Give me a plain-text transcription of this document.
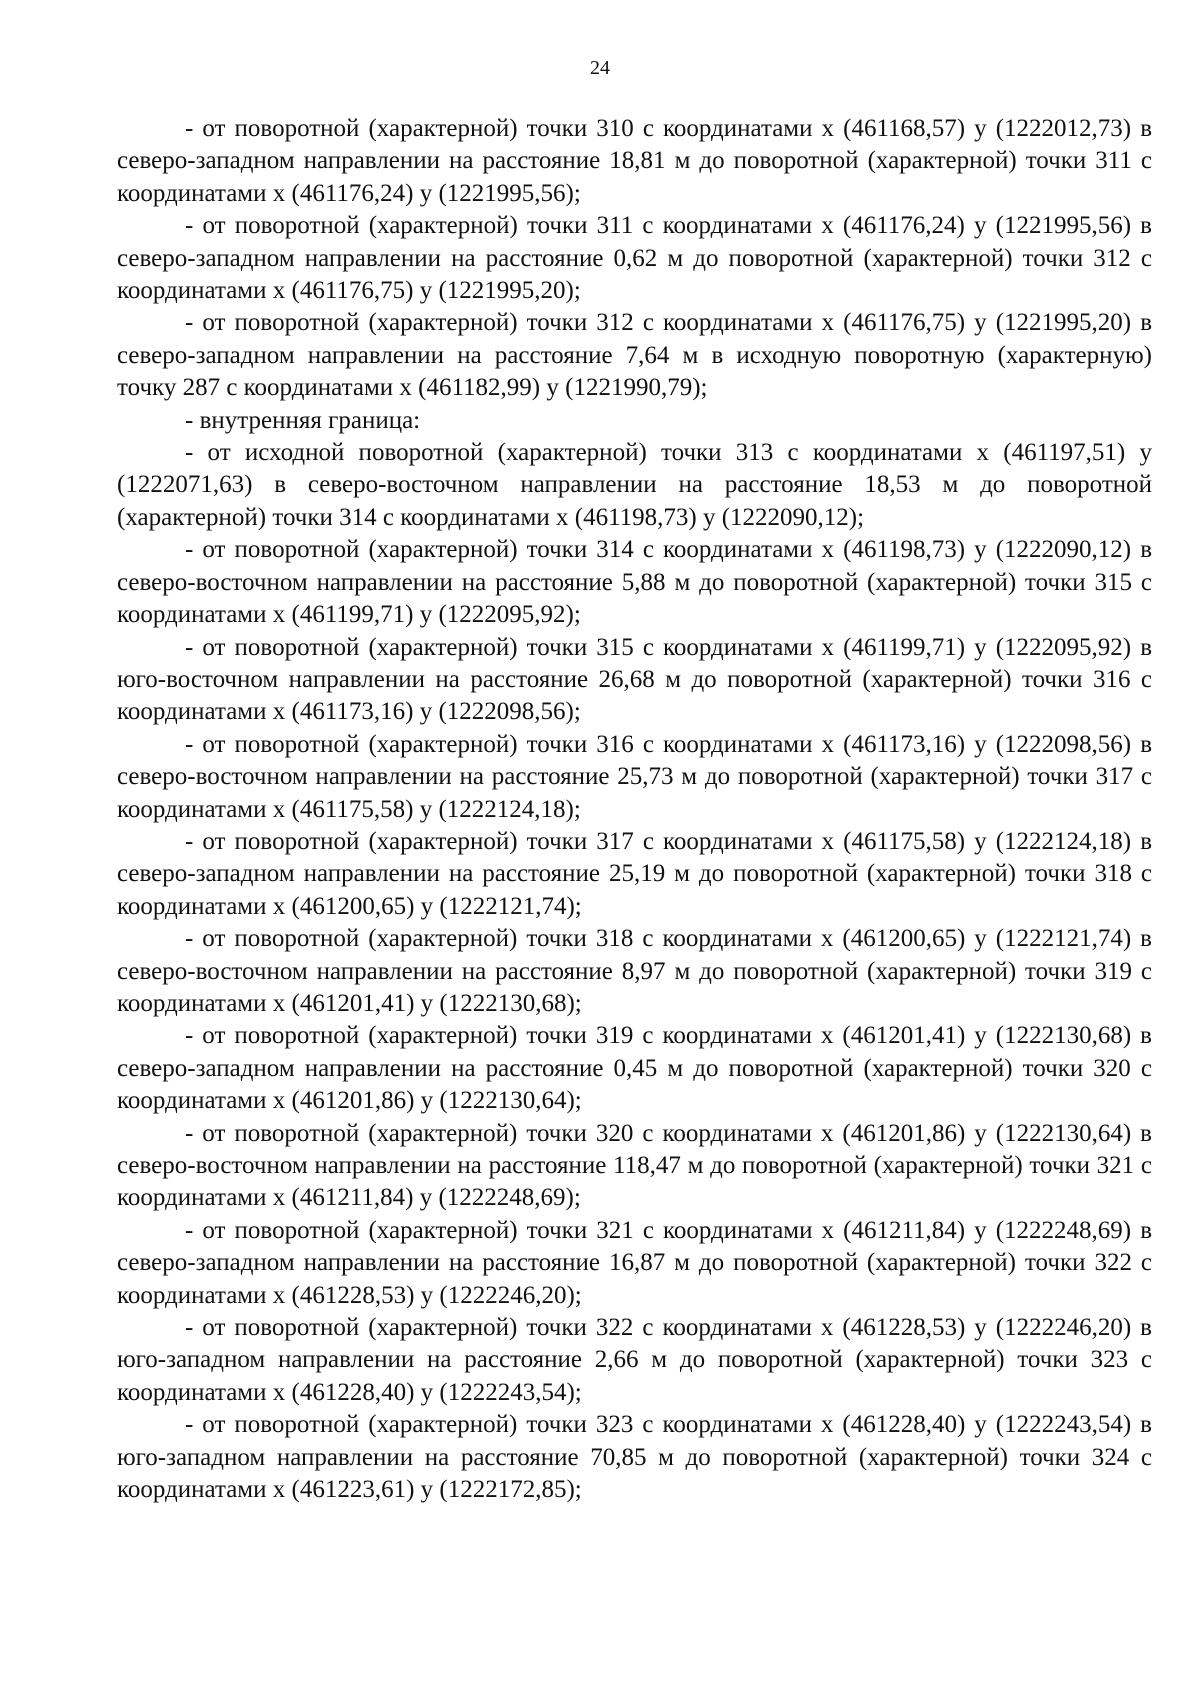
24

- от поворотной (характерной) точки 310 с координатами х (461168,57) у (1222012,73) в северо-западном направлении на расстояние 18,81 м до поворотной (характерной) точки 311 с координатами х (461176,24) у (1221995,56);

- от поворотной (характерной) точки 311 с координатами х (461176,24) у (1221995,56) в северо-западном направлении на расстояние 0,62 м до поворотной (характерной) точки 312 с координатами х (461176,75) у (1221995,20);

- от поворотной (характерной) точки 312 с координатами х (461176,75) у (1221995,20) в северо-западном направлении на расстояние 7,64 м в исходную поворотную (характерную) точку 287 с координатами х (461182,99) у (1221990,79);

- внутренняя граница:

- от исходной поворотной (характерной) точки 313 с координатами х (461197,51) у (1222071,63) в северо-восточном направлении на расстояние 18,53 м до поворотной (характерной) точки 314 с координатами х (461198,73) у (1222090,12);

- от поворотной (характерной) точки 314 с координатами х (461198,73) у (1222090,12) в северо-восточном направлении на расстояние 5,88 м до поворотной (характерной) точки 315 с координатами х (461199,71) у (1222095,92);

- от поворотной (характерной) точки 315 с координатами х (461199,71) у (1222095,92) в юго-восточном направлении на расстояние 26,68 м до поворотной (характерной) точки 316 с координатами х (461173,16) у (1222098,56);

- от поворотной (характерной) точки 316 с координатами х (461173,16) у (1222098,56) в северо-восточном направлении на расстояние 25,73 м до поворотной (характерной) точки 317 с координатами х (461175,58) у (1222124,18);

- от поворотной (характерной) точки 317 с координатами х (461175,58) у (1222124,18) в северо-западном направлении на расстояние 25,19 м до поворотной (характерной) точки 318 с координатами х (461200,65) у (1222121,74);

- от поворотной (характерной) точки 318 с координатами х (461200,65) у (1222121,74) в северо-восточном направлении на расстояние 8,97 м до поворотной (характерной) точки 319 с координатами х (461201,41) у (1222130,68);

- от поворотной (характерной) точки 319 с координатами х (461201,41) у (1222130,68) в северо-западном направлении на расстояние 0,45 м до поворотной (характерной) точки 320 с координатами х (461201,86) у (1222130,64);

- от поворотной (характерной) точки 320 с координатами х (461201,86) у (1222130,64) в северо-восточном направлении на расстояние 118,47 м до поворотной (характерной) точки 321 с координатами х (461211,84) у (1222248,69);

- от поворотной (характерной) точки 321 с координатами х (461211,84) у (1222248,69) в северо-западном направлении на расстояние 16,87 м до поворотной (характерной) точки 322 с координатами х (461228,53) у (1222246,20);

- от поворотной (характерной) точки 322 с координатами х (461228,53) у (1222246,20) в юго-западном направлении на расстояние 2,66 м до поворотной (характерной) точки 323 с координатами х (461228,40) у (1222243,54);

- от поворотной (характерной) точки 323 с координатами х (461228,40) у (1222243,54) в юго-западном направлении на расстояние 70,85 м до поворотной (характерной) точки 324 с координатами х (461223,61) у (1222172,85);
